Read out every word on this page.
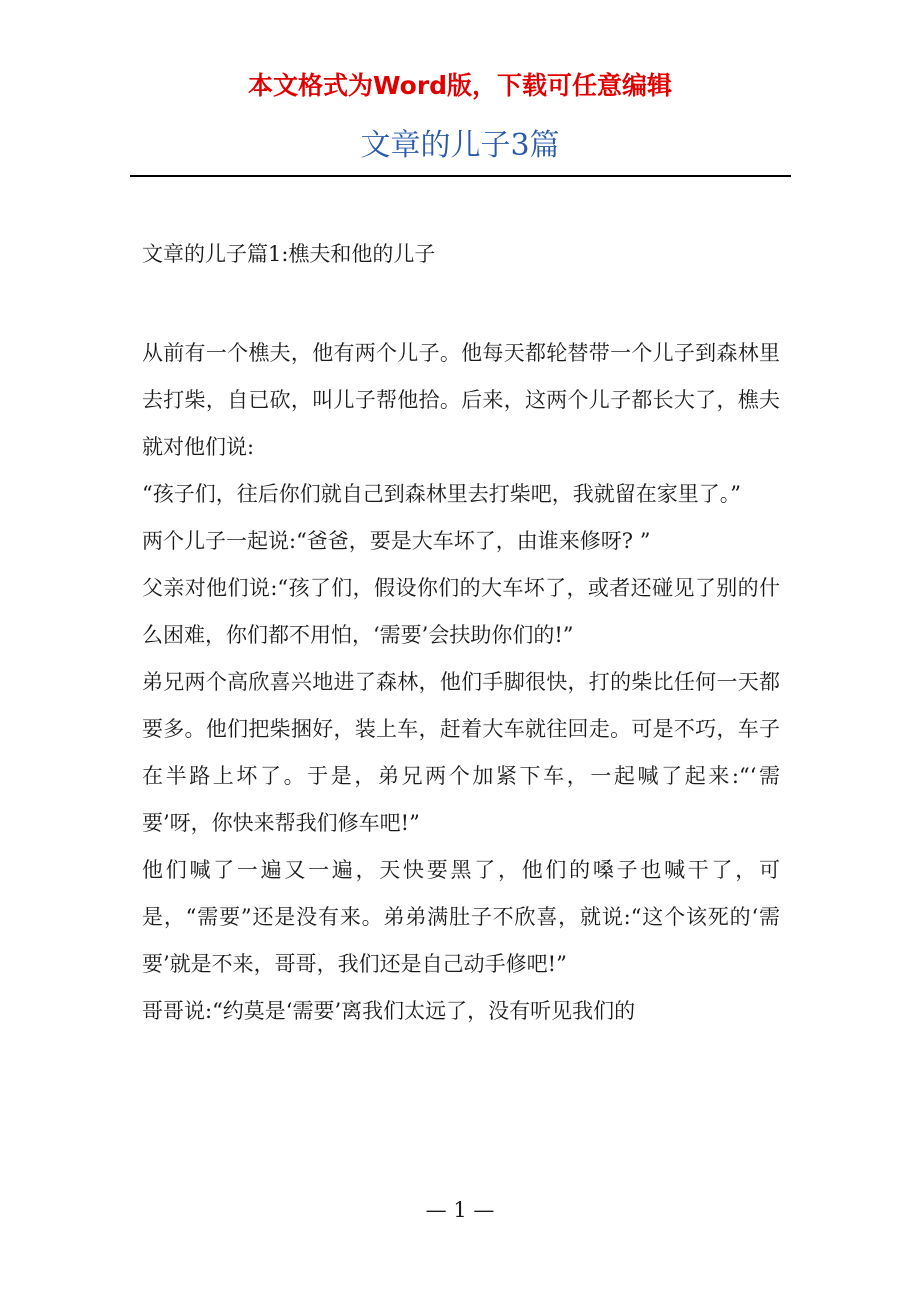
本文格式为Word版，下载可任意编辑
文章的儿子3篇
文章的儿子篇1:樵夫和他的儿子

从前有一个樵夫，他有两个儿子。他每天都轮替带一个儿子到森林里去打柴，自已砍，叫儿子帮他拾。后来，这两个儿子都长大了，樵夫就对他们说:

“孩子们，往后你们就自己到森林里去打柴吧，我就留在家里了。”

两个儿子一起说:“爸爸，要是大车坏了，由谁来修呀? ”

父亲对他们说:“孩了们，假设你们的大车坏了，或者还碰见了别的什么困难，你们都不用怕，‘需要’会扶助你们的!”

弟兄两个高欣喜兴地进了森林，他们手脚很快，打的柴比任何一天都要多。他们把柴捆好，装上车，赶着大车就往回走。可是不巧，车子在半路上坏了。于是，弟兄两个加紧下车，一起喊了起来:“‘需要’呀，你快来帮我们修车吧!”

他们喊了一遍又一遍，天快要黑了，他们的嗓子也喊干了，可是，“需要”还是没有来。弟弟满肚子不欣喜，就说:“这个该死的‘需要’就是不来，哥哥，我们还是自己动手修吧!”

哥哥说:“约莫是‘需要’离我们太远了，没有听见我们的

— 1 —
